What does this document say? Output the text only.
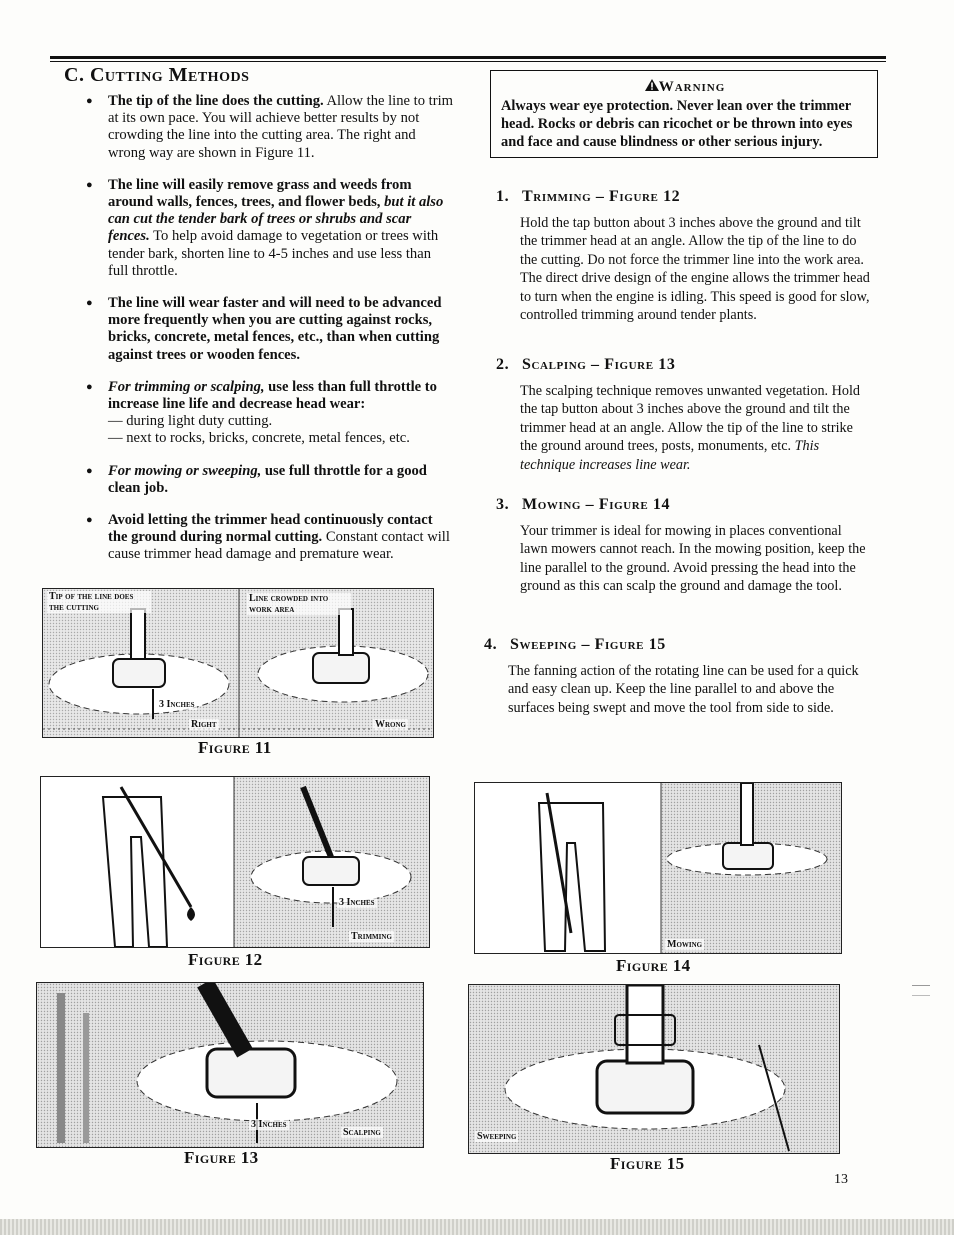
C. Cutting Methods
● The tip of the line does the cutting. Allow the line to trim at its own pace. You will achieve better results by not crowding the line into the cutting area. The right and wrong way are shown in Figure 11.
● The line will easily remove grass and weeds from around walls, fences, trees, and flower beds, but it also can cut the tender bark of trees or shrubs and scar fences. To help avoid damage to vegetation or trees with tender bark, shorten line to 4-5 inches and use less than full throttle.
● The line will wear faster and will need to be advanced more frequently when you are cutting against rocks, bricks, concrete, metal fences, etc., than when cutting against trees or wooden fences.
● For trimming or scalping, use less than full throttle to increase line life and decrease head wear:
— during light duty cutting.
— next to rocks, bricks, concrete, metal fences, etc.
● For mowing or sweeping, use full throttle for a good clean job.
● Avoid letting the trimmer head continuously contact the ground during normal cutting. Constant contact will cause trimmer head damage and premature wear.
Warning
Always wear eye protection. Never lean over the trimmer head. Rocks or debris can ricochet or be thrown into eyes and face and cause blindness or other serious injury.
1. Trimming – Figure 12

Hold the tap button about 3 inches above the ground and tilt the trimmer head at an angle. Allow the tip of the line to do the cutting. Do not force the trimmer line into the work area. The direct drive design of the engine allows the trimmer head to turn when the engine is idling. This speed is good for slow, controlled trimming around tender plants.

2. Scalping – Figure 13

The scalping technique removes unwanted vegetation. Hold the tap button about 3 inches above the ground and tilt the trimmer head at an angle. Allow the tip of the line to strike the ground around trees, posts, monuments, etc. This technique increases line wear.

3. Mowing – Figure 14

Your trimmer is ideal for mowing in places conventional lawn mowers cannot reach. In the mowing position, keep the line parallel to the ground. Avoid pressing the head into the ground as this can scalp the ground and damage the tool.

4. Sweeping – Figure 15

The fanning action of the rotating line can be used for a quick and easy clean up. Keep the line parallel to and above the surfaces being swept and move the tool from side to side.

Tip of the line does the cutting
Line crowded into work area
3 Inches
Right	Wrong
Figure 11
3 Inches
Trimming
Figure 12
3 Inches
Scalping
Figure 13
Mowing
Figure 14
Sweeping
Figure 15
13
